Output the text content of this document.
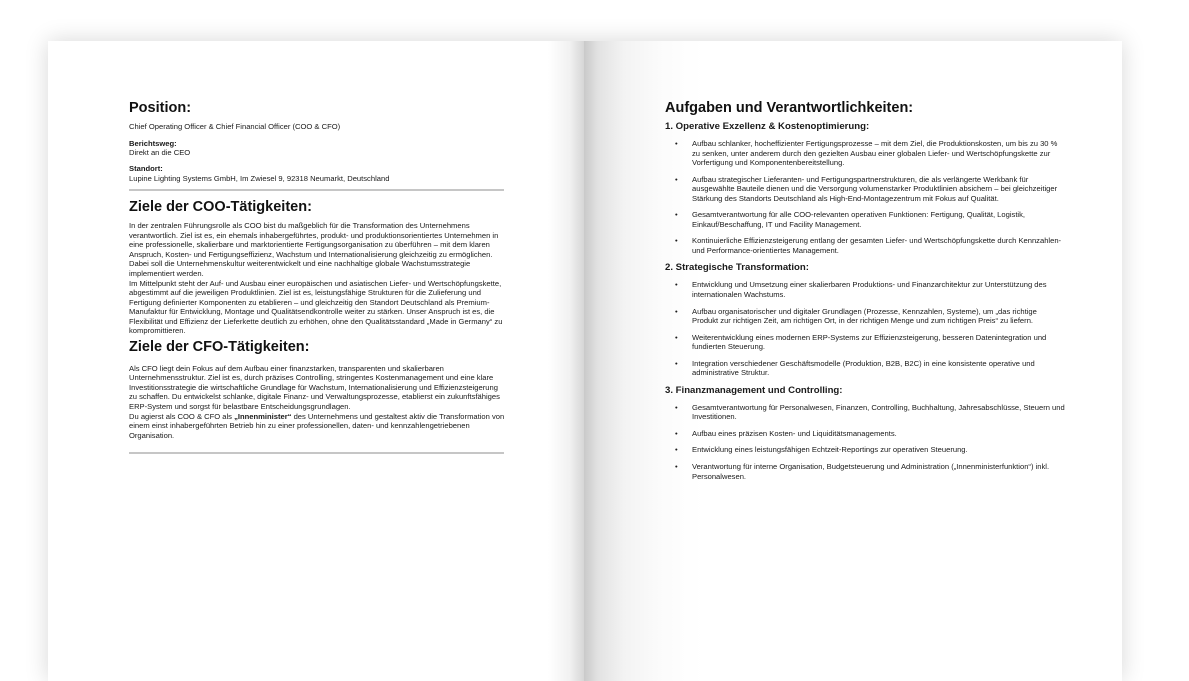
Position:

Chief Operating Officer & Chief Financial Officer (COO & CFO)

Berichtsweg:
Direkt an die CEO
Standort:
Lupine Lighting Systems GmbH, Im Zwiesel 9, 92318 Neumarkt, Deutschland
Ziele der COO-Tätigkeiten:

In der zentralen Führungsrolle als COO bist du maßgeblich für die Transformation des Unternehmens verantwortlich. Ziel ist es, ein ehemals inhabergeführtes, produkt- und produktionsorientiertes Unternehmen in eine professionelle, skalierbare und marktorientierte Fertigungsorganisation zu überführen – mit dem klaren Anspruch, Kosten- und Fertigungseffizienz, Wachstum und Internationalisierung gleichzeitig zu ermöglichen. Dabei soll die Unternehmenskultur weiterentwickelt und eine nachhaltige globale Wachstumsstrategie implementiert werden.

Im Mittelpunkt steht der Auf- und Ausbau einer europäischen und asiatischen Liefer- und Wertschöpfungskette, abgestimmt auf die jeweiligen Produktlinien. Ziel ist es, leistungsfähige Strukturen für die Zulieferung und Fertigung definierter Komponenten zu etablieren – und gleichzeitig den Standort Deutschland als Premium-Manufaktur für Entwicklung, Montage und Qualitätsendkontrolle weiter zu stärken. Unser Anspruch ist es, die Flexibilität und Effizienz der Lieferkette deutlich zu erhöhen, ohne den Qualitätsstandard „Made in Germany“ zu kompromittieren.

Ziele der CFO-Tätigkeiten:

Als CFO liegt dein Fokus auf dem Aufbau einer finanzstarken, transparenten und skalierbaren Unternehmensstruktur. Ziel ist es, durch präzises Controlling, stringentes Kostenmanagement und eine klare Investitionsstrategie die wirtschaftliche Grundlage für Wachstum, Internationalisierung und Effizienzsteigerung zu schaffen. Du entwickelst schlanke, digitale Finanz- und Verwaltungsprozesse, etablierst ein zukunftsfähiges ERP-System und sorgst für belastbare Entscheidungsgrundlagen.

Du agierst als COO & CFO als „Innenminister“ des Unternehmens und gestaltest aktiv die Transformation von einem einst inhabergeführten Betrieb hin zu einer professionellen, daten- und kennzahlengetriebenen Organisation.

Aufgaben und Verantwortlichkeiten:
1. Operative Exzellenz & Kostenoptimierung:
• Aufbau schlanker, hocheffizienter Fertigungsprozesse – mit dem Ziel, die Produktionskosten, um bis zu 30 % zu senken, unter anderem durch den gezielten Ausbau einer globalen Liefer- und Wertschöpfungskette zur Vorfertigung und Komponentenbereitstellung.
• Aufbau strategischer Lieferanten- und Fertigungspartnerstrukturen, die als verlängerte Werkbank für ausgewählte Bauteile dienen und die Versorgung volumenstarker Produktlinien absichern – bei gleichzeitiger Stärkung des Standorts Deutschland als High-End-Montagezentrum mit Fokus auf Qualität.
• Gesamtverantwortung für alle COO-relevanten operativen Funktionen: Fertigung, Qualität, Logistik, Einkauf/Beschaffung, IT und Facility Management.
• Kontinuierliche Effizienzsteigerung entlang der gesamten Liefer- und Wertschöpfungskette durch Kennzahlen- und Performance-orientiertes Management.
2. Strategische Transformation:
• Entwicklung und Umsetzung einer skalierbaren Produktions- und Finanzarchitektur zur Unterstützung des internationalen Wachstums.
• Aufbau organisatorischer und digitaler Grundlagen (Prozesse, Kennzahlen, Systeme), um „das richtige Produkt zur richtigen Zeit, am richtigen Ort, in der richtigen Menge und zum richtigen Preis“ zu liefern.
• Weiterentwicklung eines modernen ERP-Systems zur Effizienzsteigerung, besseren Datenintegration und fundierten Steuerung.
• Integration verschiedener Geschäftsmodelle (Produktion, B2B, B2C) in eine konsistente operative und administrative Struktur.
3. Finanzmanagement und Controlling:
• Gesamtverantwortung für Personalwesen, Finanzen, Controlling, Buchhaltung, Jahresabschlüsse, Steuern und Investitionen.
• Aufbau eines präzisen Kosten- und Liquiditätsmanagements.
• Entwicklung eines leistungsfähigen Echtzeit-Reportings zur operativen Steuerung.
• Verantwortung für interne Organisation, Budgetsteuerung und Administration („Innenministerfunktion“) inkl. Personalwesen.
